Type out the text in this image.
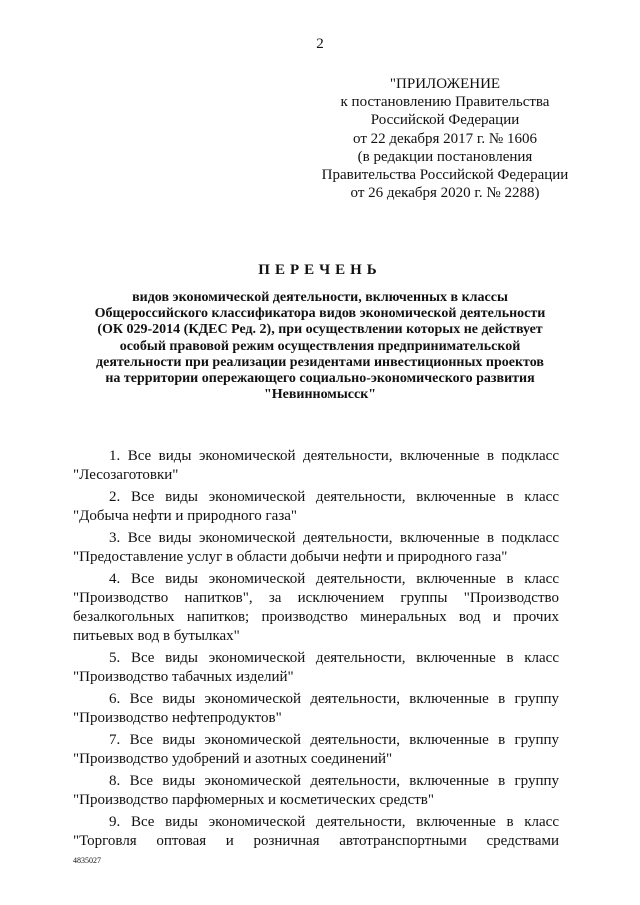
2
"ПРИЛОЖЕНИЕ
к постановлению Правительства
Российской Федерации
от 22 декабря 2017 г. № 1606
(в редакции постановления
Правительства Российской Федерации
от 26 декабря 2020 г. № 2288)
ПЕРЕЧЕНЬ
видов экономической деятельности, включенных в классы
Общероссийского классификатора видов экономической деятельности
(ОК 029-2014 (КДЕС Ред. 2), при осуществлении которых не действует
особый правовой режим осуществления предпринимательской
деятельности при реализации резидентами инвестиционных проектов
на территории опережающего социально-экономического развития
"Невинномысск"
1. Все виды экономической деятельности, включенные в подкласс
"Лесозаготовки"
2. Все виды экономической деятельности, включенные в класс
"Добыча нефти и природного газа"
3. Все виды экономической деятельности, включенные в подкласс
"Предоставление услуг в области добычи нефти и природного газа"
4. Все виды экономической деятельности, включенные в класс
"Производство напитков", за исключением группы "Производство
безалкогольных напитков; производство минеральных вод и прочих
питьевых вод в бутылках"
5. Все виды экономической деятельности, включенные в класс
"Производство табачных изделий"
6. Все виды экономической деятельности, включенные в группу
"Производство нефтепродуктов"
7. Все виды экономической деятельности, включенные в группу
"Производство удобрений и азотных соединений"
8. Все виды экономической деятельности, включенные в группу
"Производство парфюмерных и косметических средств"
9. Все виды экономической деятельности, включенные в класс
"Торговля оптовая и розничная автотранспортными средствами
4835027
